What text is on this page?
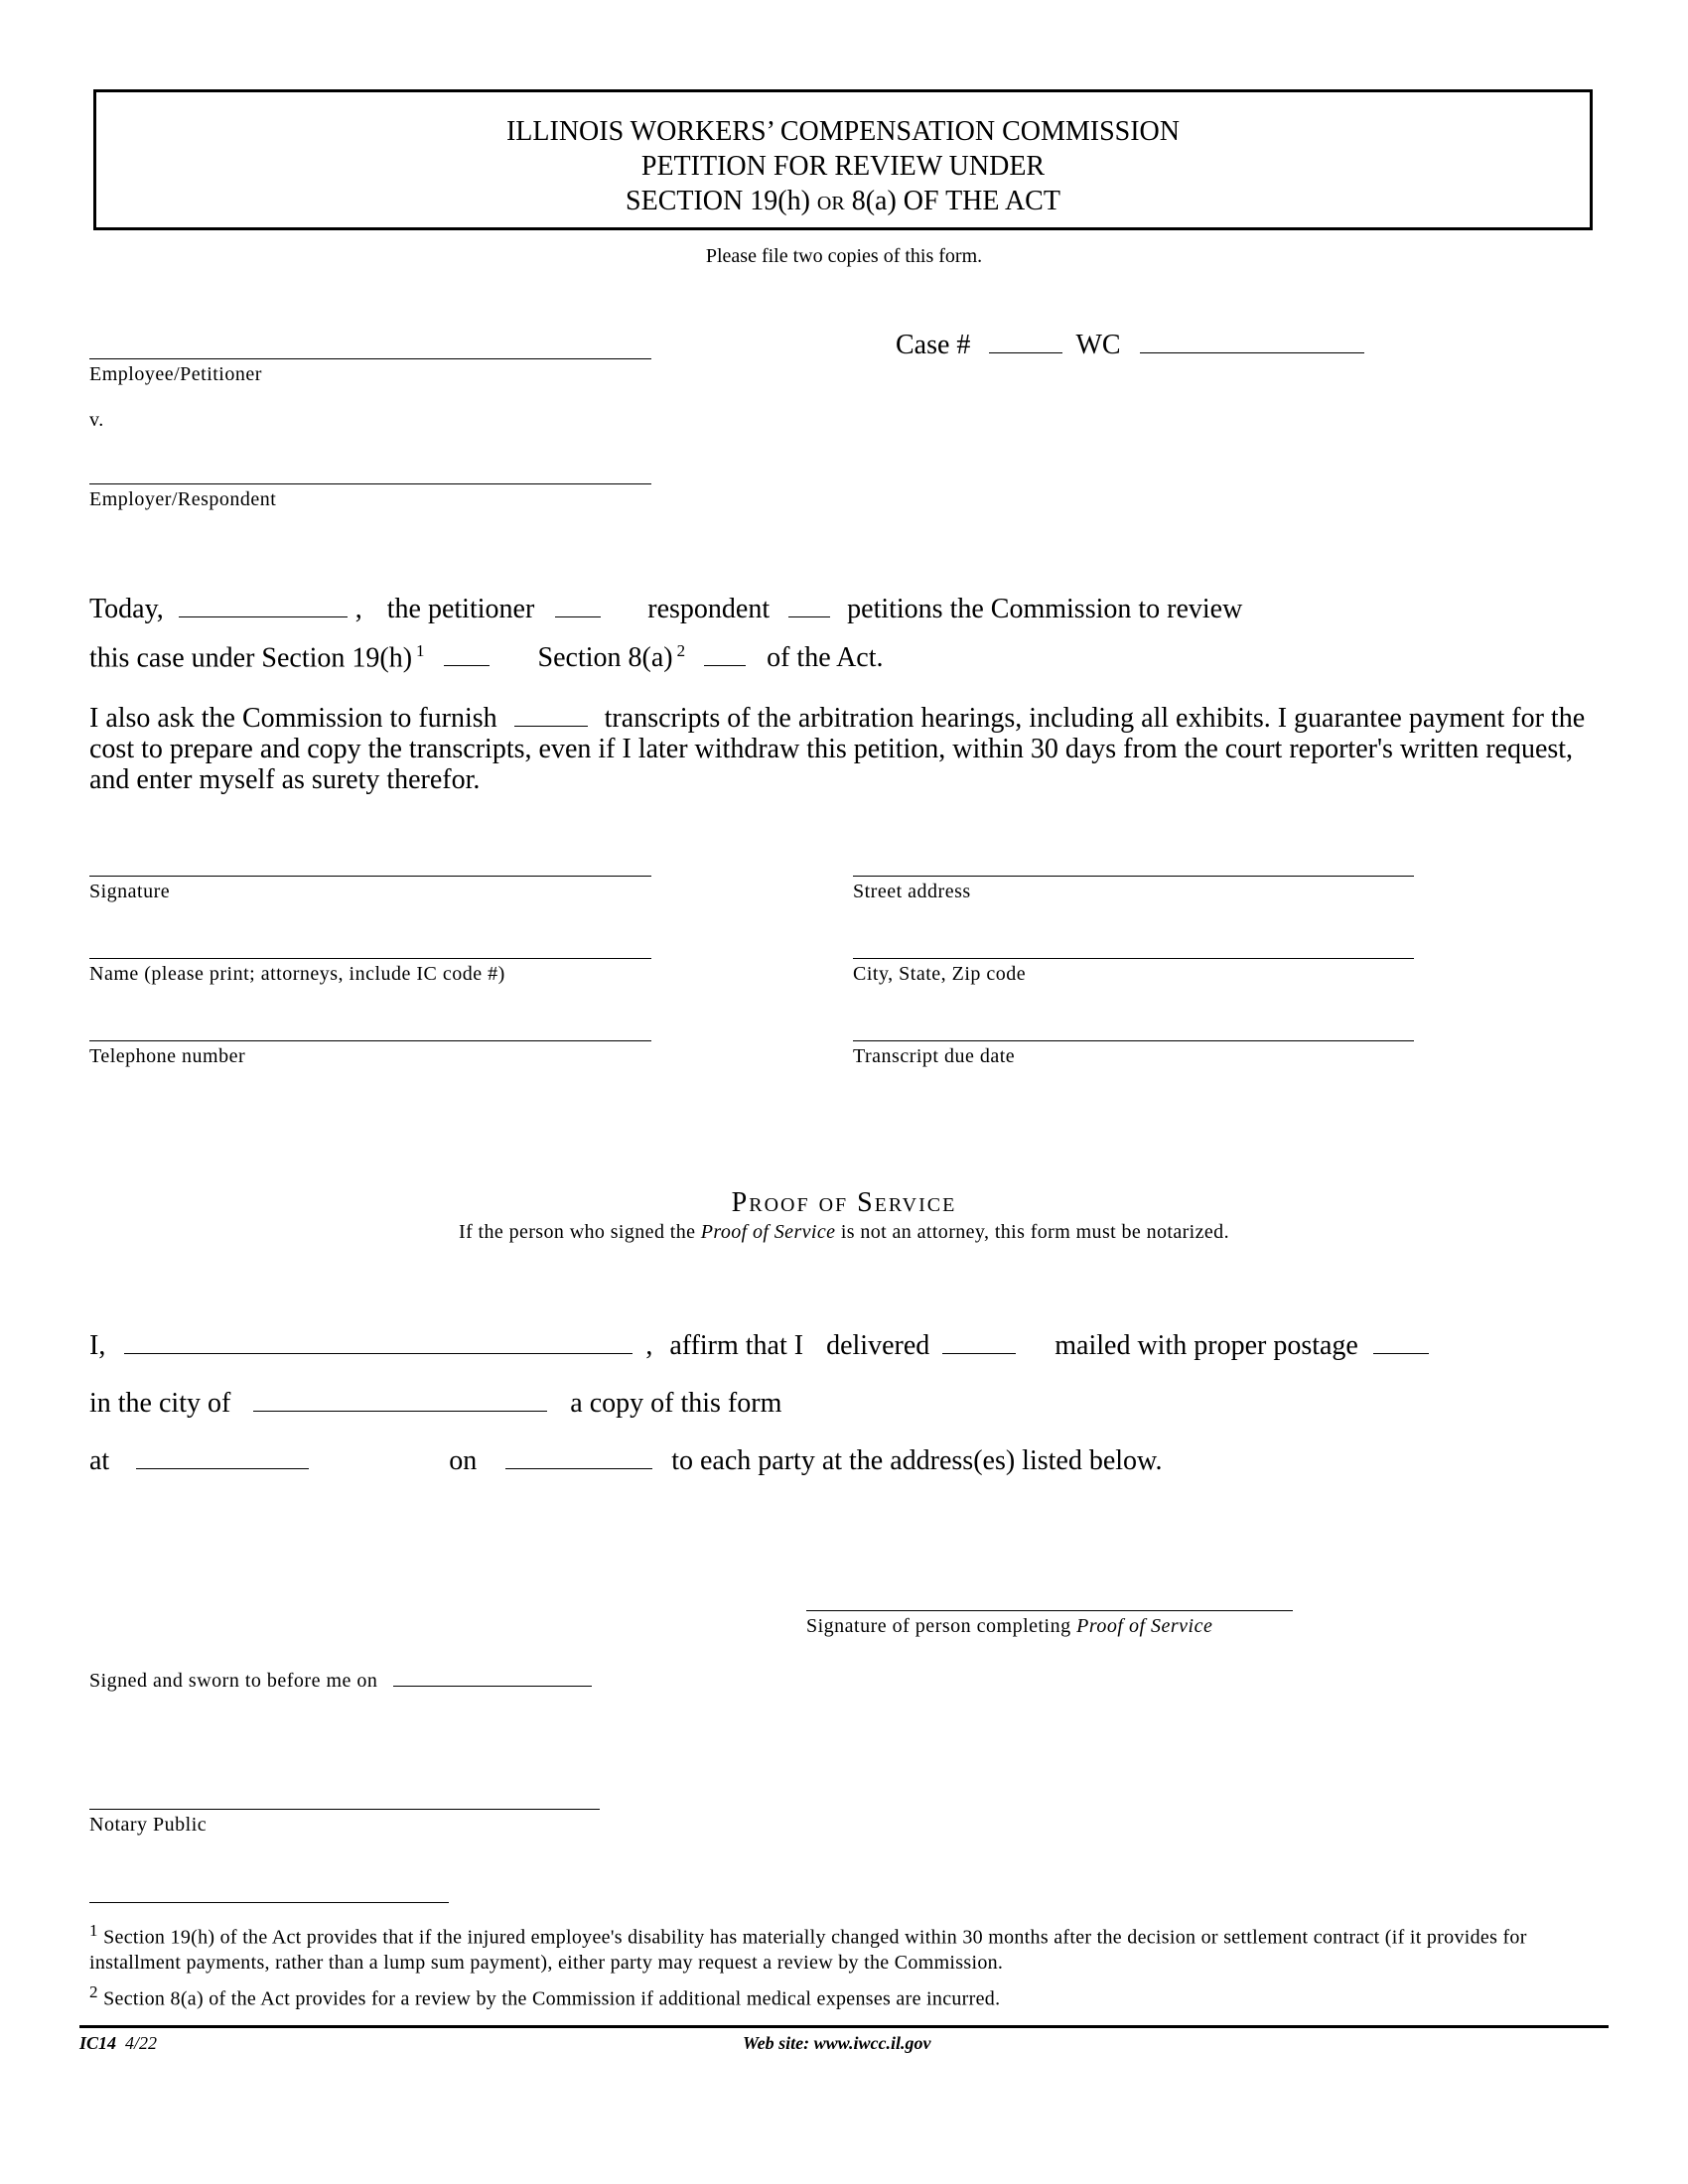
ILLINOIS WORKERS’ COMPENSATION COMMISSION
PETITION FOR REVIEW UNDER
SECTION 19(h) or 8(a) OF THE ACT
Please file two copies of this form.
Case #	WC
Employee/Petitioner
v.
Employer/Respondent
Today,	, the petitioner	respondent	petitions the Commission to review
this case under Section 19(h) $^1$	Section 8(a) $^2$	of the Act.
I also ask the Commission to furnish	transcripts of the arbitration hearings, including all exhibits. I guarantee payment for the cost to prepare and copy the transcripts, even if I later withdraw this petition, within 30 days from the court reporter's written request, and enter myself as surety therefor.
Signature	Street address
Name (please print; attorneys, include IC code #)	City, State, Zip code
Telephone number	Transcript due date
Proof of Service
If the person who signed the Proof of Service is not an attorney, this form must be notarized.
I,	, affirm that I delivered	mailed with proper postage
in the city of	a copy of this form
at	on	to each party at the address(es) listed below.
Signature of person completing Proof of Service
Signed and sworn to before me on
Notary Public
$^1$ Section 19(h) of the Act provides that if the injured employee's disability has materially changed within 30 months after the decision or settlement contract (if it provides for installment payments, rather than a lump sum payment), either party may request a review by the Commission.
$^2$ Section 8(a) of the Act provides for a review by the Commission if additional medical expenses are incurred.
IC14 4/22	Web site: www.iwcc.il.gov
